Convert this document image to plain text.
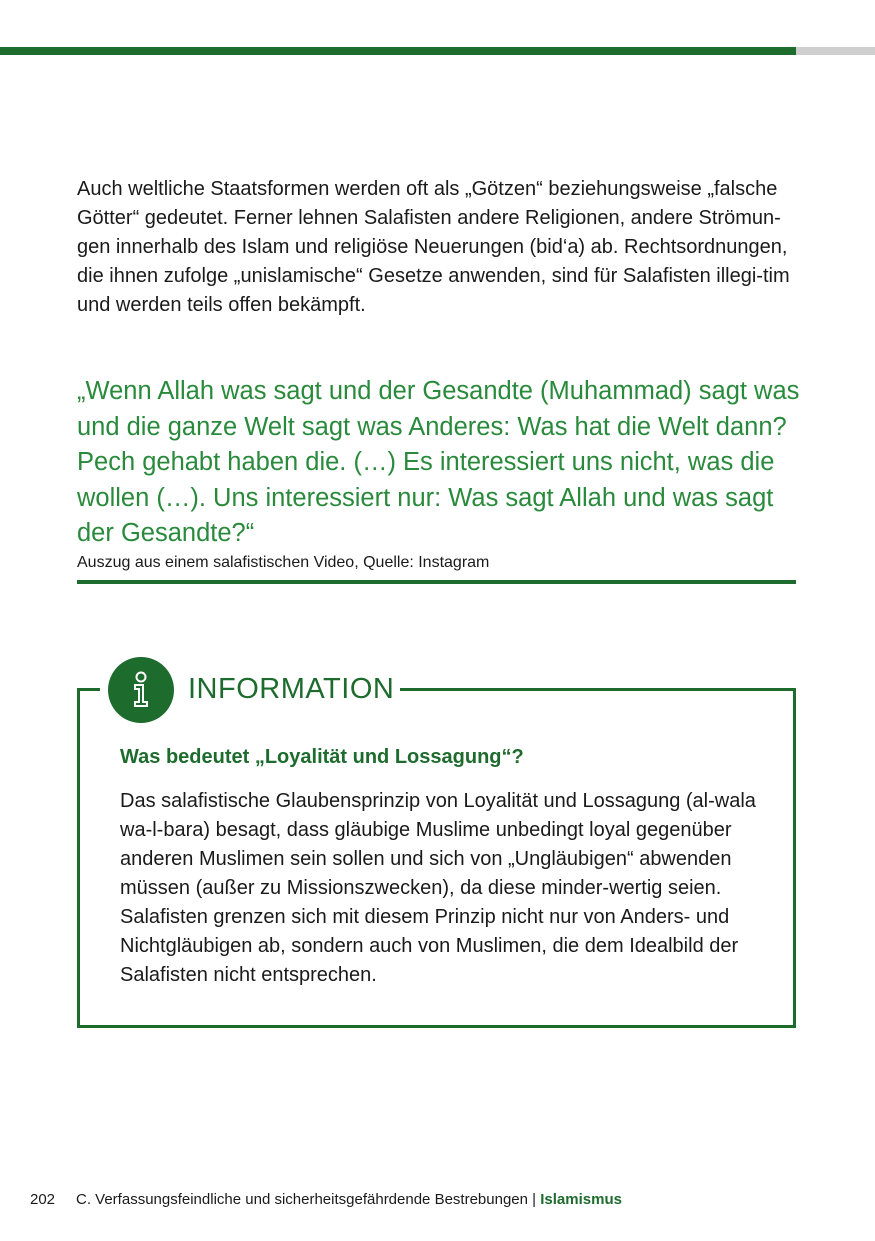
Auch weltliche Staatsformen werden oft als „Götzen“ beziehungsweise „falsche Götter“ gedeutet. Ferner lehnen Salafisten andere Religionen, andere Strömun-gen innerhalb des Islam und religiöse Neuerungen (bid‘a) ab. Rechtsordnungen, die ihnen zufolge „unislamische“ Gesetze anwenden, sind für Salafisten illegi-tim und werden teils offen bekämpft.

„Wenn Allah was sagt und der Gesandte (Muhammad) sagt was und die ganze Welt sagt was Anderes: Was hat die Welt dann? Pech gehabt haben die. (…) Es interessiert uns nicht, was die wollen (…). Uns interessiert nur: Was sagt Allah und was sagt der Gesandte?“

Auszug aus einem salafistischen Video, Quelle: Instagram

INFORMATION

Was bedeutet „Loyalität und Lossagung“?

Das salafistische Glaubensprinzip von Loyalität und Lossagung (al-wala wa-l-bara) besagt, dass gläubige Muslime unbedingt loyal gegenüber anderen Muslimen sein sollen und sich von „Ungläubigen“ abwenden müssen (außer zu Missionszwecken), da diese minder-wertig seien. Salafisten grenzen sich mit diesem Prinzip nicht nur von Anders- und Nichtgläubigen ab, sondern auch von Muslimen, die dem Idealbild der Salafisten nicht entsprechen.

202 C. Verfassungsfeindliche und sicherheitsgefährdende Bestrebungen | Islamismus
